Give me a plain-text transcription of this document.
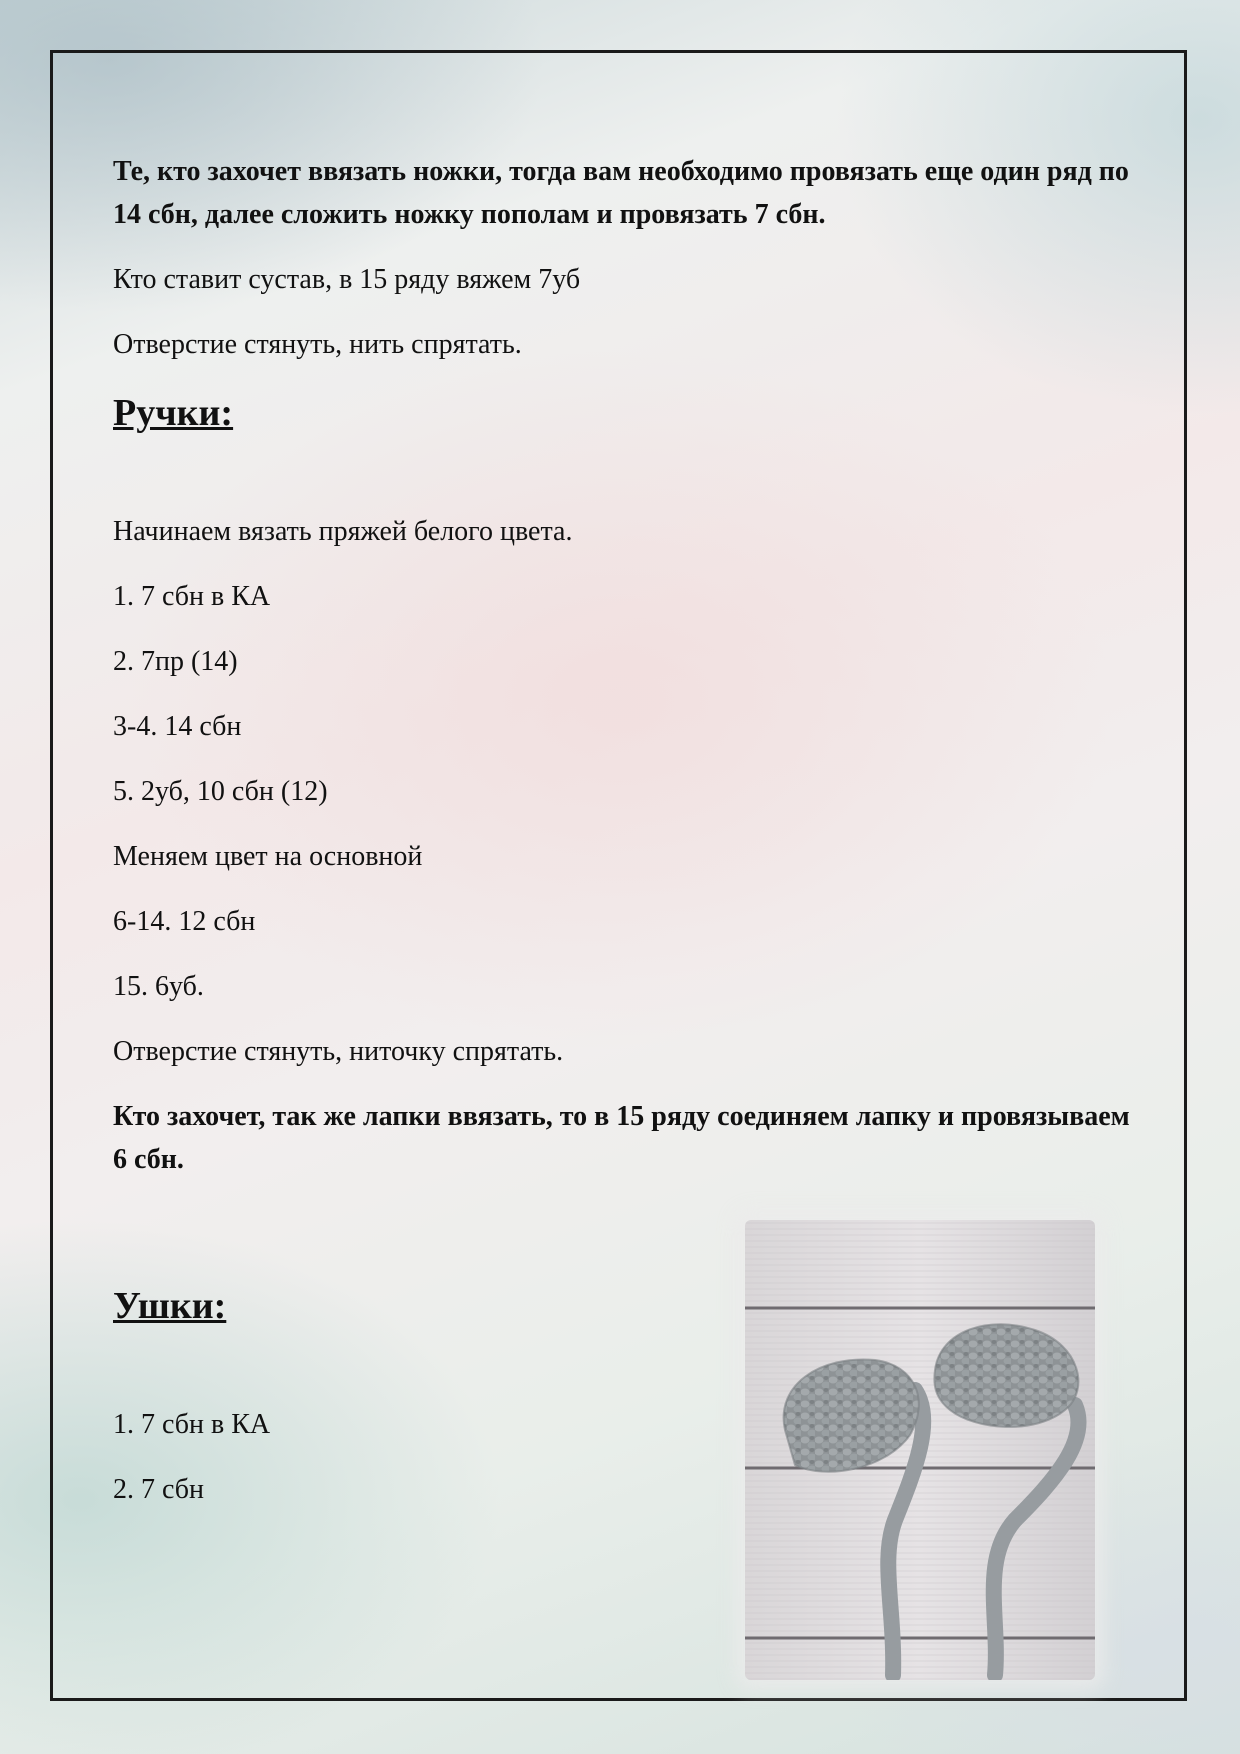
Те, кто захочет ввязать ножки, тогда вам необходимо провязать еще один ряд по 14 сбн, далее сложить ножку пополам и провязать 7 сбн.

Кто ставит сустав, в 15 ряду вяжем 7уб

Отверстие стянуть, нить спрятать.

Ручки:

Начинаем вязать пряжей белого цвета.

1. 7 сбн в КА

2. 7пр (14)

3-4. 14 сбн

5. 2уб, 10 сбн (12)

Меняем цвет на основной

6-14. 12 сбн

15. 6уб.

Отверстие стянуть, ниточку спрятать.

Кто захочет, так же лапки ввязать, то в 15 ряду соединяем лапку и провязываем 6 сбн.

Ушки:

1. 7 сбн в КА

2. 7 сбн
